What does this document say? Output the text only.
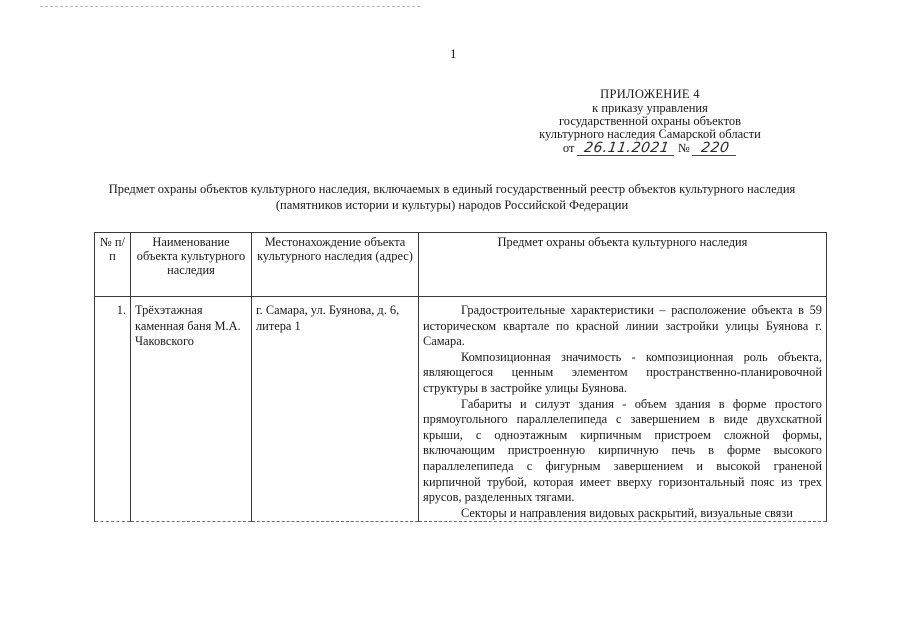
1
ПРИЛОЖЕНИЕ 4
к приказу управления
государственной охраны объектов
культурного наследия Самарской области
от 26.11.2021 № 220
Предмет охраны объектов культурного наследия, включаемых в единый государственный реестр объектов культурного наследия (памятников истории и культуры) народов Российской Федерации
№ п/п	Наименование объекта культурного наследия	Местонахождение объекта культурного наследия (адрес)	Предмет охраны объекта культурного наследия
1.	Трёхэтажная каменная баня М.А. Чаковского	г. Самара, ул. Буянова, д. 6, литера 1	Градостроительные характеристики – расположение объекта в 59 историческом квартале по красной линии застройки улицы Буянова г. Самара.
Композиционная значимость - композиционная роль объекта, являющегося ценным элементом пространственно-планировочной структуры в застройке улицы Буянова.
Габариты и силуэт здания - объем здания в форме простого прямоугольного параллелепипеда с завершением в виде двухскатной крыши, с одноэтажным кирпичным пристроем сложной формы, включающим пристроенную кирпичную печь в форме высокого параллелепипеда с фигурным завершением и высокой граненой кирпичной трубой, которая имеет вверху горизонтальный пояс из трех ярусов, разделенных тягами.
Секторы и направления видовых раскрытий, визуальные связи
